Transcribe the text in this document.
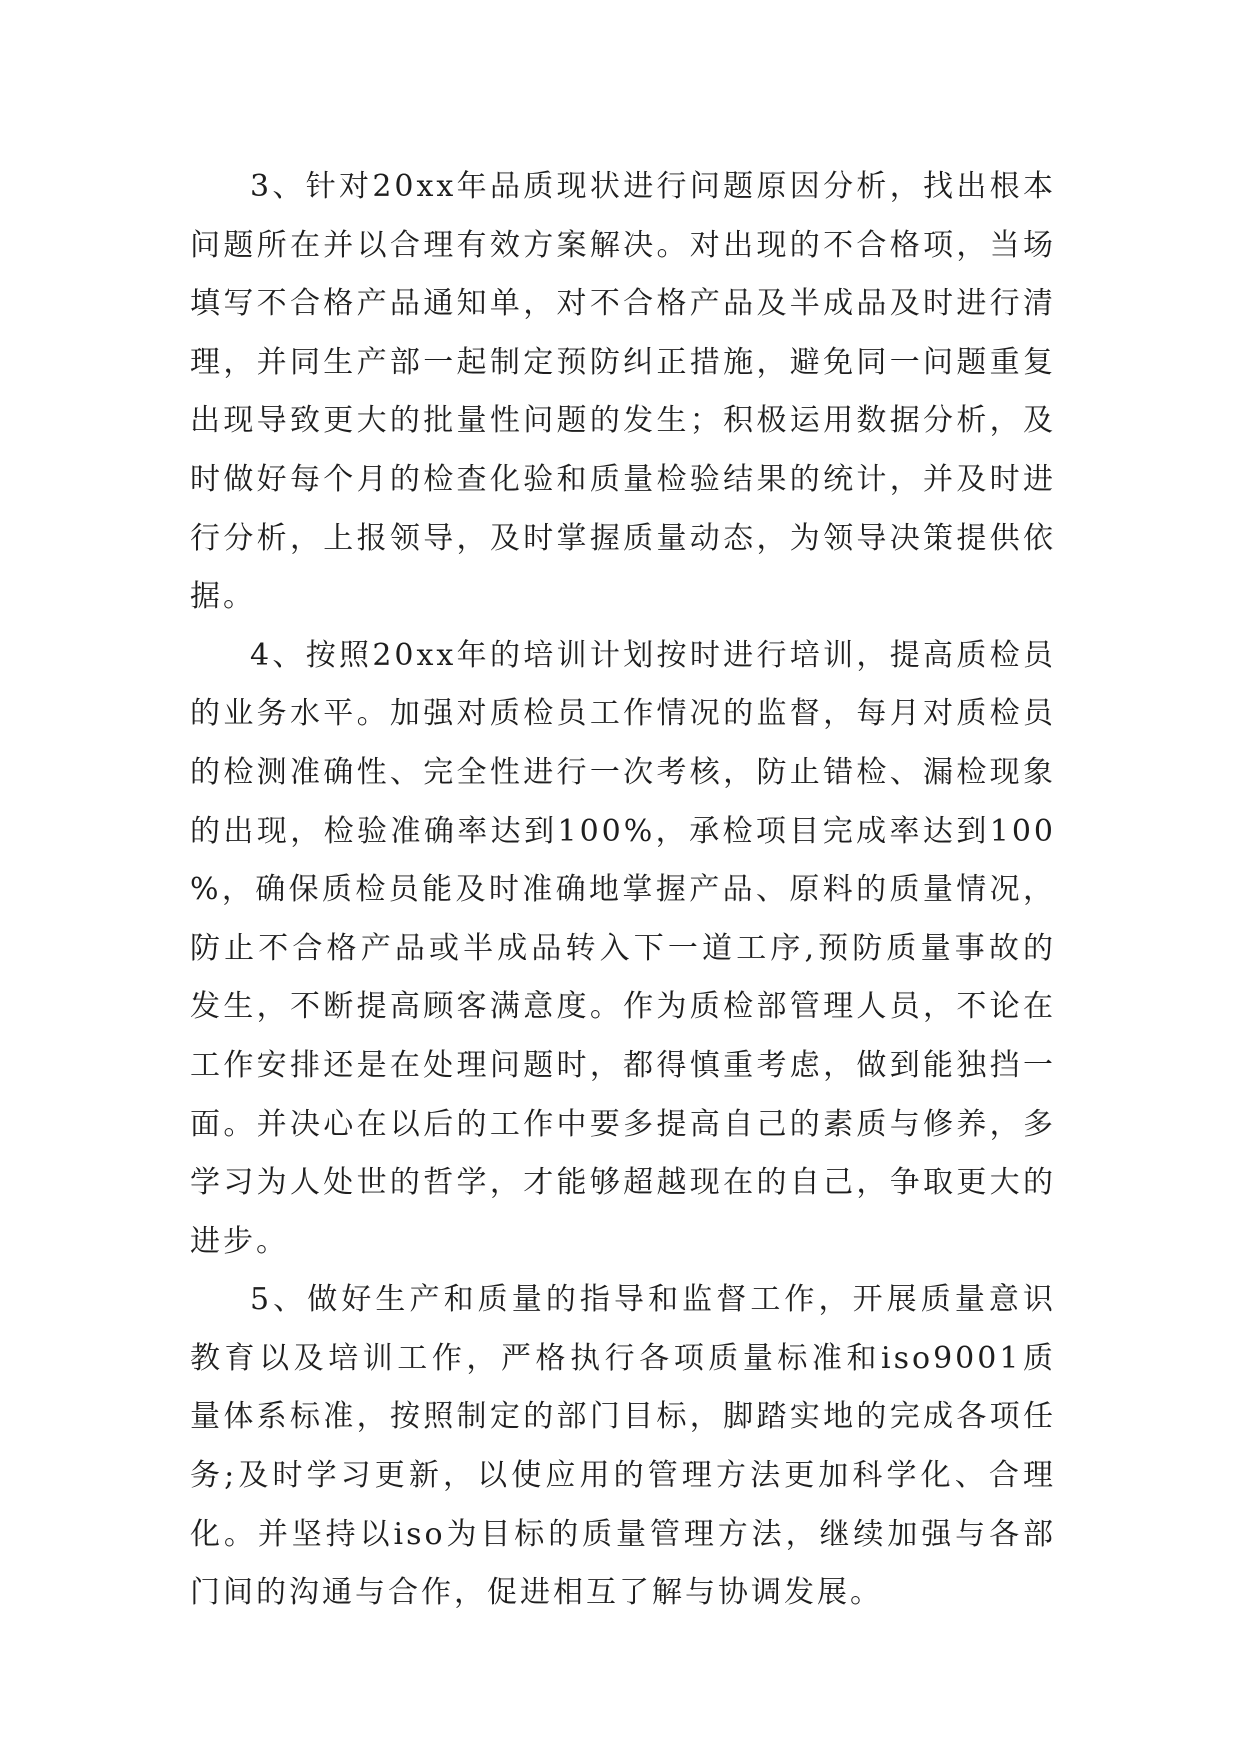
3、针对20xx年品质现状进行问题原因分析，找出根本问题所在并以合理有效方案解决。对出现的不合格项，当场填写不合格产品通知单，对不合格产品及半成品及时进行清理，并同生产部一起制定预防纠正措施，避免同一问题重复出现导致更大的批量性问题的发生；积极运用数据分析，及时做好每个月的检查化验和质量检验结果的统计，并及时进行分析，上报领导，及时掌握质量动态，为领导决策提供依据。

4、按照20xx年的培训计划按时进行培训，提高质检员的业务水平。加强对质检员工作情况的监督，每月对质检员的检测准确性、完全性进行一次考核，防止错检、漏检现象的出现，检验准确率达到100%，承检项目完成率达到100%，确保质检员能及时准确地掌握产品、原料的质量情况，防止不合格产品或半成品转入下一道工序,预防质量事故的发生，不断提高顾客满意度。作为质检部管理人员，不论在工作安排还是在处理问题时，都得慎重考虑，做到能独挡一面。并决心在以后的工作中要多提高自己的素质与修养，多学习为人处世的哲学，才能够超越现在的自己，争取更大的进步。

5、做好生产和质量的指导和监督工作，开展质量意识教育以及培训工作，严格执行各项质量标准和iso9001质量体系标准，按照制定的部门目标，脚踏实地的完成各项任务;及时学习更新，以使应用的管理方法更加科学化、合理化。并坚持以iso为目标的质量管理方法，继续加强与各部门间的沟通与合作，促进相互了解与协调发展。
